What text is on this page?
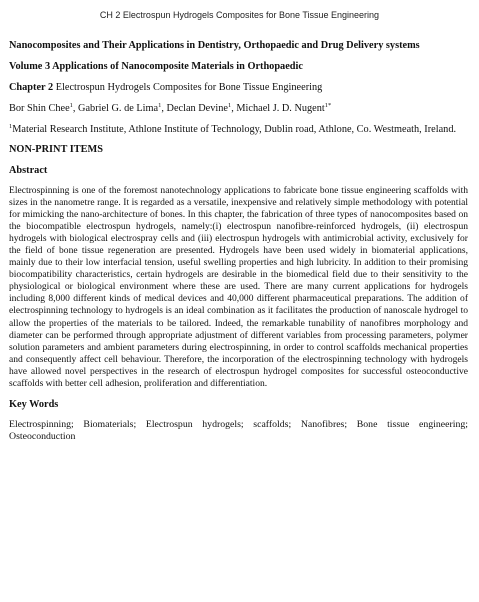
CH 2 Electrospun Hydrogels Composites for Bone Tissue Engineering

Nanocomposites and Their Applications in Dentistry, Orthopaedic and Drug Delivery systems

Volume 3 Applications of Nanocomposite Materials in Orthopaedic

Chapter 2 Electrospun Hydrogels Composites for Bone Tissue Engineering

Bor Shin Chee$^1$, Gabriel G. de Lima$^1$, Declan Devine$^1$, Michael J. D. Nugent$^{1*}$

$^1$Material Research Institute, Athlone Institute of Technology, Dublin road, Athlone, Co. Westmeath, Ireland.

NON-PRINT ITEMS

Abstract

Electrospinning is one of the foremost nanotechnology applications to fabricate bone tissue engineering scaffolds with sizes in the nanometre range. It is regarded as a versatile, inexpensive and relatively simple methodology with potential for mimicking the nano-architecture of bones. In this chapter, the fabrication of three types of nanocomposites based on the biocompatible electrospun hydrogels, namely:(i) electrospun nanofibre-reinforced hydrogels, (ii) electrospun hydrogels with biological electrospray cells and (iii) electrospun hydrogels with antimicrobial activity, exclusively for the field of bone tissue regeneration are presented. Hydrogels have been used widely in biomaterial applications, mainly due to their low interfacial tension, useful swelling properties and high lubricity. In addition to their promising biocompatibility characteristics, certain hydrogels are desirable in the biomedical field due to their sensitivity to the physiological or biological environment where these are used. There are many current applications for hydrogels including 8,000 different kinds of medical devices and 40,000 different pharmaceutical preparations. The addition of electrospinning technology to hydrogels is an ideal combination as it facilitates the production of nanoscale hydrogel to allow the properties of the materials to be tailored. Indeed, the remarkable tunability of nanofibres morphology and diameter can be performed through appropriate adjustment of different variables from processing parameters, polymer solution parameters and ambient parameters during electrospinning, in order to control scaffolds mechanical properties and consequently affect cell behaviour. Therefore, the incorporation of the electrospinning technology with hydrogels have allowed novel perspectives in the research of electrospun hydrogel composites for successful osteoconductive scaffolds with better cell adhesion, proliferation and differentiation.

Key Words

Electrospinning; Biomaterials; Electrospun hydrogels; scaffolds; Nanofibres; Bone tissue engineering; Osteoconduction
